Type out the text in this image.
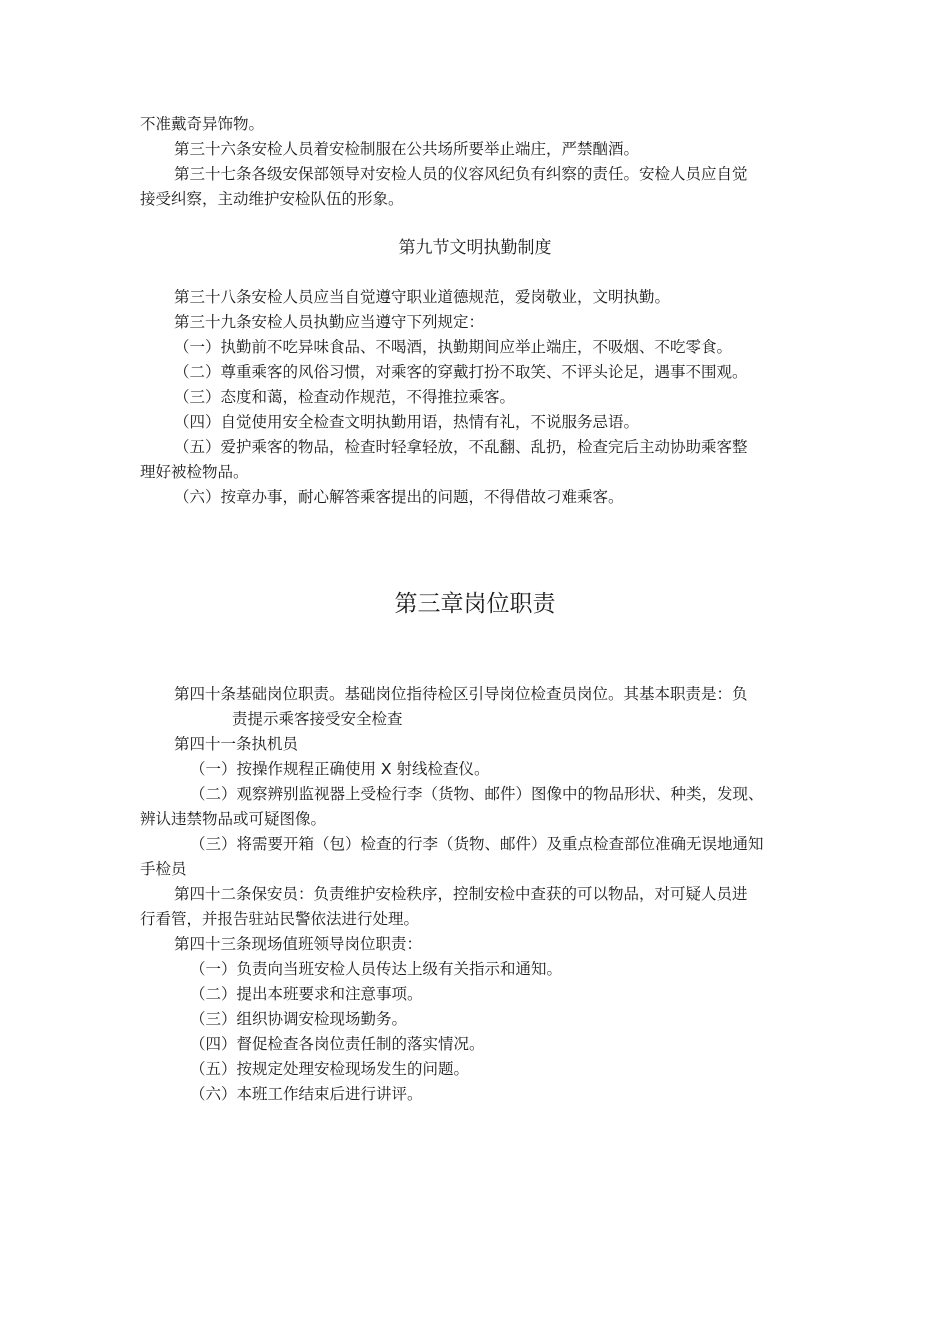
不准戴奇异饰物。
第三十六条安检人员着安检制服在公共场所要举止端庄，严禁酗酒。
第三十七条各级安保部领导对安检人员的仪容风纪负有纠察的责任。安检人员应自觉
接受纠察，主动维护安检队伍的形象。
第九节文明执勤制度
第三十八条安检人员应当自觉遵守职业道德规范，爱岗敬业，文明执勤。
第三十九条安检人员执勤应当遵守下列规定：
（一）执勤前不吃异味食品、不喝酒，执勤期间应举止端庄，不吸烟、不吃零食。
（二）尊重乘客的风俗习惯，对乘客的穿戴打扮不取笑、不评头论足，遇事不围观。
（三）态度和蔼，检查动作规范，不得推拉乘客。
（四）自觉使用安全检查文明执勤用语，热情有礼，不说服务忌语。
（五）爱护乘客的物品，检查时轻拿轻放，不乱翻、乱扔，检查完后主动协助乘客整
理好被检物品。
（六）按章办事，耐心解答乘客提出的问题，不得借故刁难乘客。
第三章岗位职责
第四十条基础岗位职责。基础岗位指待检区引导岗位检查员岗位。其基本职责是：负
责提示乘客接受安全检查
第四十一条执机员
（一）按操作规程正确使用 X 射线检查仪。
（二）观察辨别监视器上受检行李（货物、邮件）图像中的物品形状、种类，发现、
辨认违禁物品或可疑图像。
（三）将需要开箱（包）检查的行李（货物、邮件）及重点检查部位准确无误地通知
手检员
第四十二条保安员：负责维护安检秩序，控制安检中查获的可以物品，对可疑人员进
行看管，并报告驻站民警依法进行处理。
第四十三条现场值班领导岗位职责：
（一）负责向当班安检人员传达上级有关指示和通知。
（二）提出本班要求和注意事项。
（三）组织协调安检现场勤务。
（四）督促检查各岗位责任制的落实情况。
（五）按规定处理安检现场发生的问题。
（六）本班工作结束后进行讲评。
